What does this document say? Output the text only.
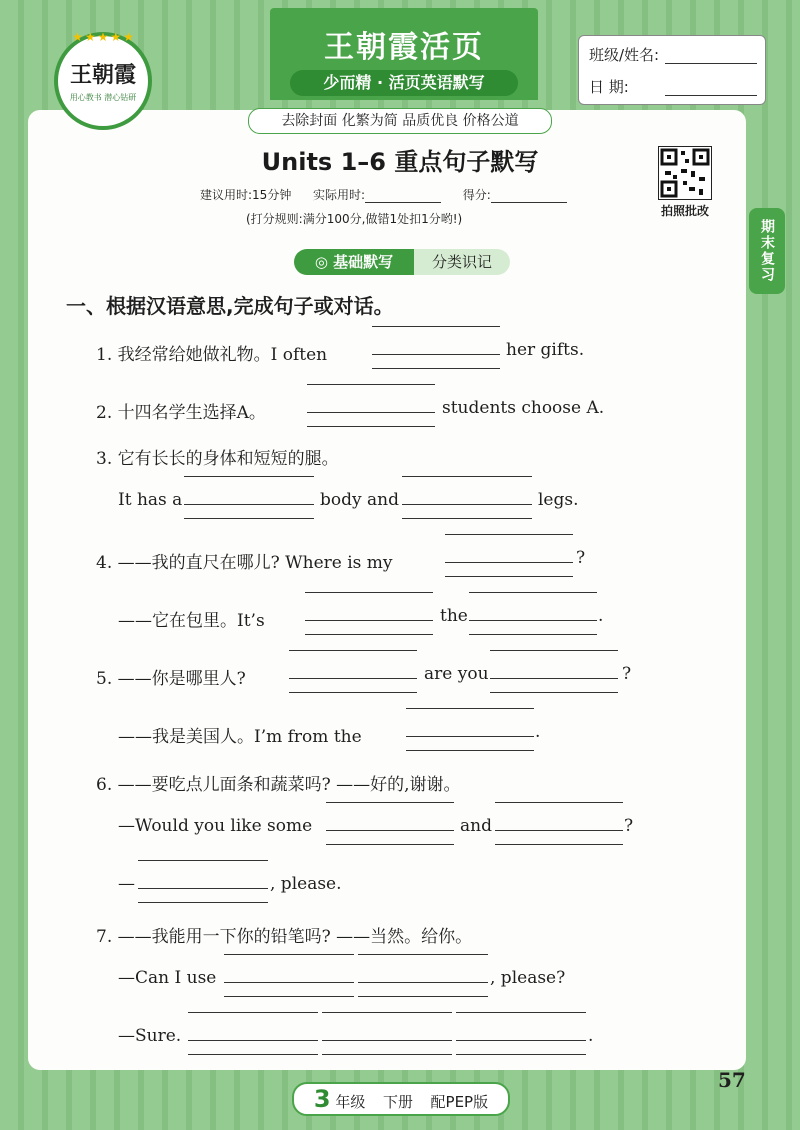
王朝霞活页
少而精 · 活页英语默写
★★★★★
王朝霞
用心教书 潜心钻研
班级/姓名:
日 期:
去除封面 化繁为简 品质优良 价格公道
Units 1–6 重点句子默写
建议用时:15分钟 实际用时:	得分:
(打分规则:满分100分,做错1处扣1分哟!)
拍照批改
期末复习
◎ 基础默写	分类识记
一、根据汉语意思,完成句子或对话。
1. 我经常给她做礼物。I often	her gifts.
2. 十四名学生选择A。	students choose A.
3. 它有长长的身体和短短的腿。
It has a	body and	legs.
4. ——我的直尺在哪儿? Where is my	?
——它在包里。It’s	the	.
5. ——你是哪里人?	are you	?
——我是美国人。I’m from the	.
6. ——要吃点儿面条和蔬菜吗? ——好的,谢谢。
—Would you like some	and	?
—	, please.
7. ——我能用一下你的铅笔吗? ——当然。给你。
—Can I use	, please?
—Sure.	.
3 年级 下册 配PEP版
57
